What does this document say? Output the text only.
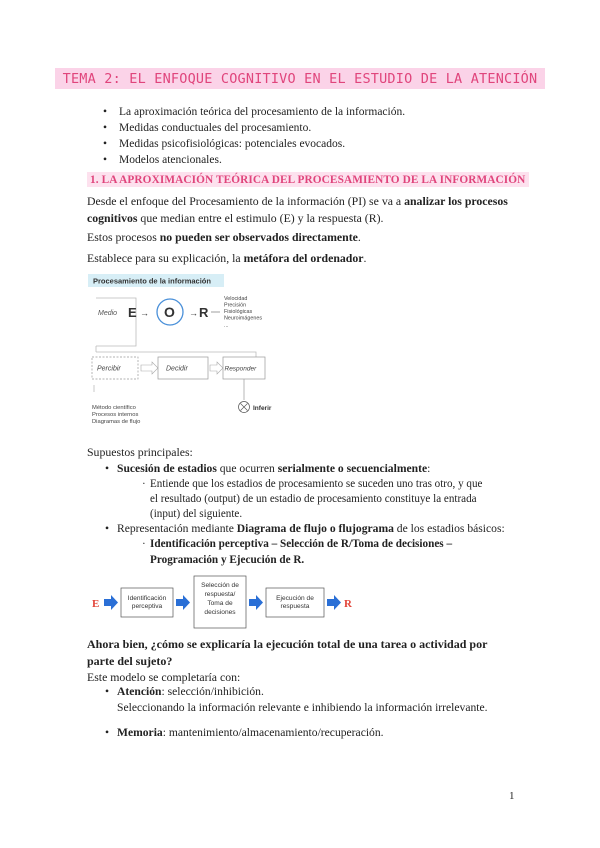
TEMA 2: EL ENFOQUE COGNITIVO EN EL ESTUDIO DE LA ATENCIÓN
• La aproximación teórica del procesamiento de la información.
• Medidas conductuales del procesamiento.
• Medidas psicofisiológicas: potenciales evocados.
• Modelos atencionales.
1. LA APROXIMACIÓN TEÓRICA DEL PROCESAMIENTO DE LA INFORMACIÓN

Desde el enfoque del Procesamiento de la información (PI) se va a analizar los procesos
cognitivos que median entre el estimulo (E) y la respuesta (R).

Estos procesos no pueden ser observados directamente.

Establece para su explicación, la metáfora del ordenador.

Procesamiento de la información
Medio E → O → R
Velocidad
Precisión
Fisiológicas
Neuroimágenes
...
Percibir	Decidir	Responder
Método científico
Procesos internos
Diagramas de flujo
Inferir

Supuestos principales:

• Sucesión de estadios que ocurren serialmente o secuencialmente:
· Entiende que los estadios de procesamiento se suceden uno tras otro, y que
el resultado (output) de un estadio de procesamiento constituye la entrada
(input) del siguiente.
• Representación mediante Diagrama de flujo o flujograma de los estadios básicos:
· Identificación perceptiva – Selección de R/Toma de decisiones –
Programación y Ejecución de R.
E	Identificación
perceptiva
Selección de
respuesta/
Toma de
decisiones
Ejecución de
respuesta	R

Ahora bien, ¿cómo se explicaría la ejecución total de una tarea o actividad por
parte del sujeto?

Este modelo se completaría con:

• Atención: selección/inhibición.
Seleccionando la información relevante e inhibiendo la información irrelevante.
• Memoria: mantenimiento/almacenamiento/recuperación.
1
